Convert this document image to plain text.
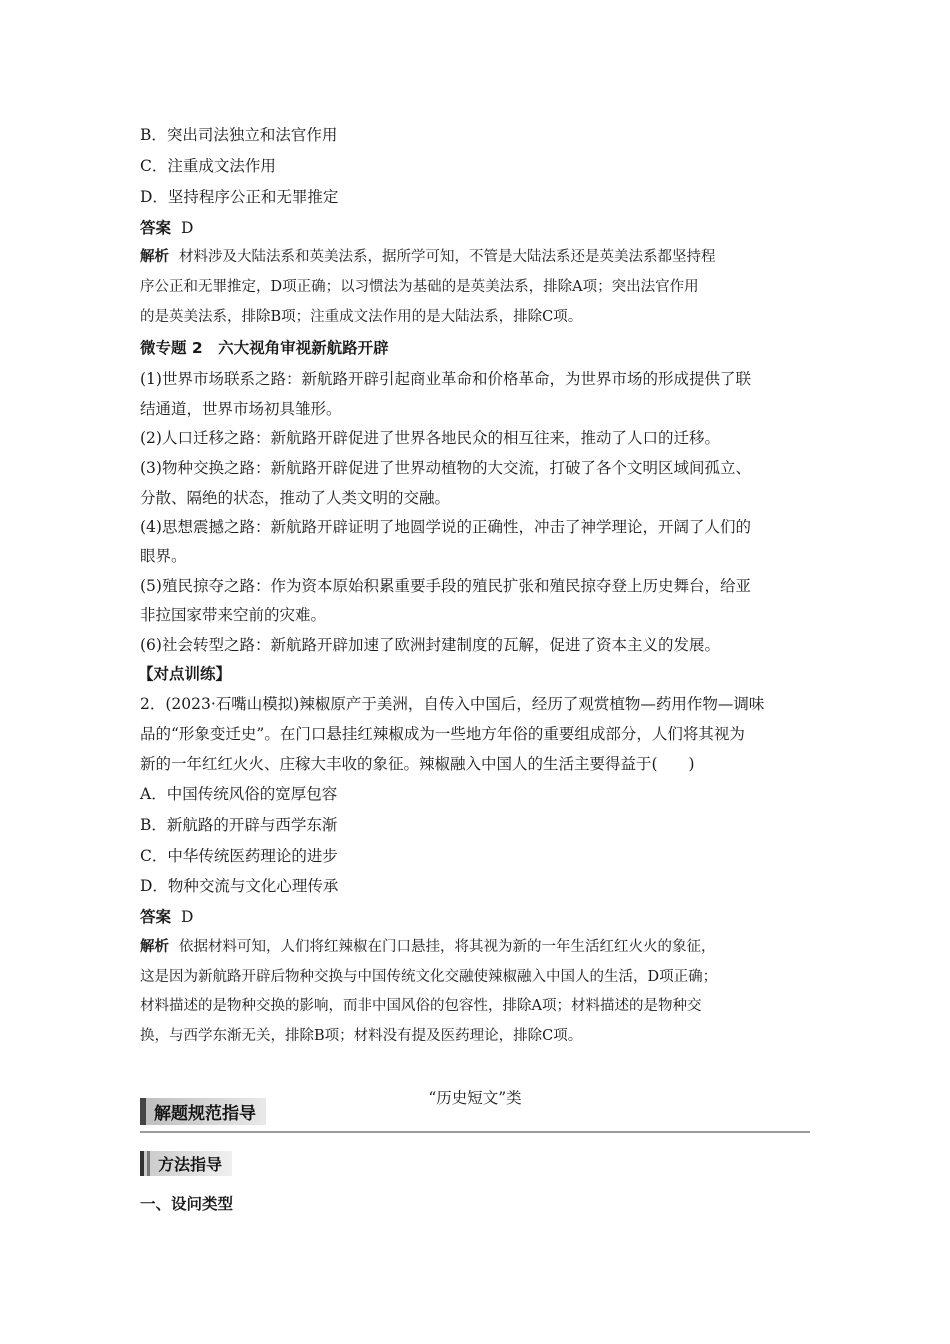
B．突出司法独立和法官作用
C．注重成文法作用
D．坚持程序公正和无罪推定
答案 D
解析 材料涉及大陆法系和英美法系，据所学可知，不管是大陆法系还是英美法系都坚持程
序公正和无罪推定，D项正确；以习惯法为基础的是英美法系，排除A项；突出法官作用
的是英美法系，排除B项；注重成文法作用的是大陆法系，排除C项。
微专题 2　六大视角审视新航路开辟
(1)世界市场联系之路：新航路开辟引起商业革命和价格革命，为世界市场的形成提供了联
结通道，世界市场初具雏形。
(2)人口迁移之路：新航路开辟促进了世界各地民众的相互往来，推动了人口的迁移。
(3)物种交换之路：新航路开辟促进了世界动植物的大交流，打破了各个文明区域间孤立、
分散、隔绝的状态，推动了人类文明的交融。
(4)思想震撼之路：新航路开辟证明了地圆学说的正确性，冲击了神学理论，开阔了人们的
眼界。
(5)殖民掠夺之路：作为资本原始积累重要手段的殖民扩张和殖民掠夺登上历史舞台，给亚
非拉国家带来空前的灾难。
(6)社会转型之路：新航路开辟加速了欧洲封建制度的瓦解，促进了资本主义的发展。
【对点训练】
2．(2023·石嘴山模拟)辣椒原产于美洲，自传入中国后，经历了观赏植物—药用作物—调味
品的“形象变迁史”。在门口悬挂红辣椒成为一些地方年俗的重要组成部分，人们将其视为
新的一年红红火火、庄稼大丰收的象征。辣椒融入中国人的生活主要得益于(　　)
A．中国传统风俗的宽厚包容
B．新航路的开辟与西学东渐
C．中华传统医药理论的进步
D．物种交流与文化心理传承
答案 D
解析 依据材料可知，人们将红辣椒在门口悬挂，将其视为新的一年生活红红火火的象征，
这是因为新航路开辟后物种交换与中国传统文化交融使辣椒融入中国人的生活，D项正确；
材料描述的是物种交换的影响，而非中国风俗的包容性，排除A项；材料描述的是物种交
换，与西学东渐无关，排除B项；材料没有提及医药理论，排除C项。
“历史短文”类
解题规范指导
方法指导
一、设问类型
